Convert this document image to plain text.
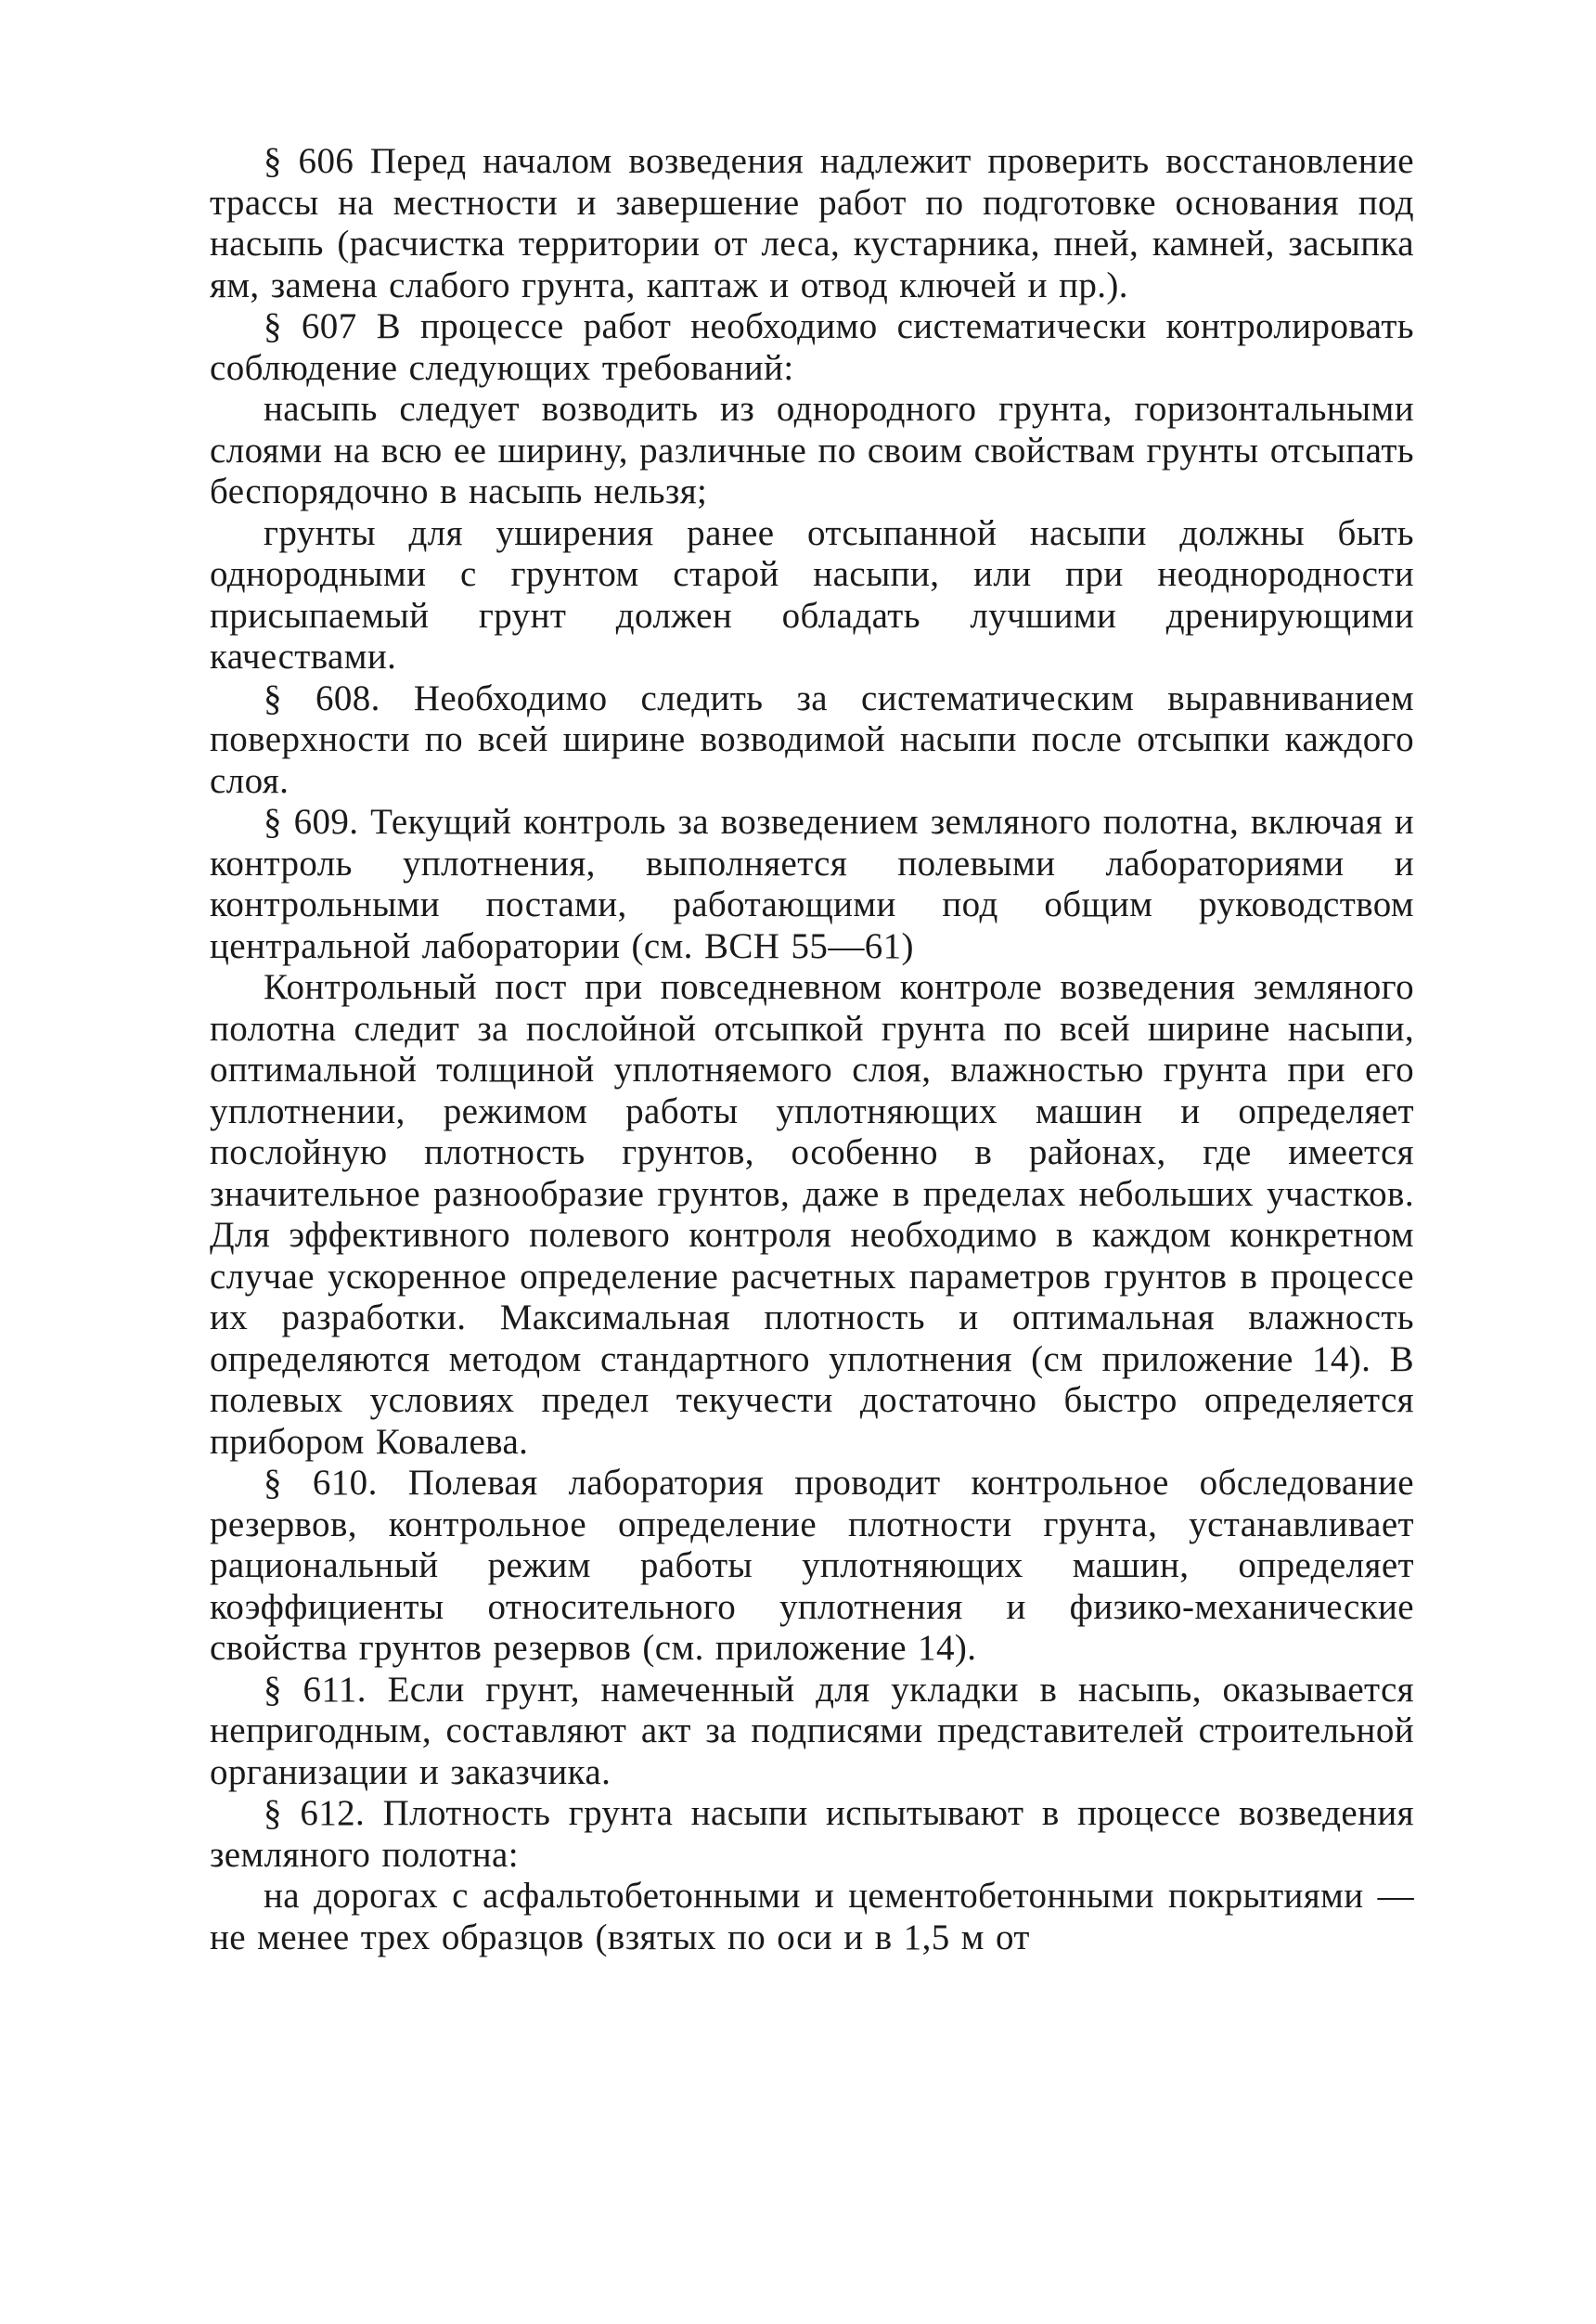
§ 606 Перед началом возведения надлежит проверить восстановление трассы на местности и завершение работ по подготовке основания под насыпь (расчистка территории от леса, кустарника, пней, камней, засыпка ям, замена слабого грунта, каптаж и отвод ключей и пр.).

§ 607 В процессе работ необходимо систематически контролировать соблюдение следующих требований:

насыпь следует возводить из однородного грунта, горизонтальными слоями на всю ее ширину, различные по своим свойствам грунты отсыпать беспорядочно в насыпь нельзя;

грунты для уширения ранее отсыпанной насыпи должны быть однородными с грунтом старой насыпи, или при неоднородности присыпаемый грунт должен обладать лучшими дренирующими качествами.

§ 608. Необходимо следить за систематическим выравниванием поверхности по всей ширине возводимой насыпи после отсыпки каждого слоя.

§ 609. Текущий контроль за возведением земляного полотна, включая и контроль уплотнения, выполняется полевыми лабораториями и контрольными постами, работающими под общим руководством центральной лаборатории (см. ВСН 55—61)

Контрольный пост при повседневном контроле возведения земляного полотна следит за послойной отсыпкой грунта по всей ширине насыпи, оптимальной толщиной уплотняемого слоя, влажностью грунта при его уплотнении, режимом работы уплотняющих машин и определяет послойную плотность грунтов, особенно в районах, где имеется значительное разнообразие грунтов, даже в пределах небольших участков. Для эффективного полевого контроля необходимо в каждом конкретном случае ускоренное определение расчетных параметров грунтов в процессе их разработки. Максимальная плотность и оптимальная влажность определяются методом стандартного уплотнения (см приложение 14). В полевых условиях предел текучести достаточно быстро определяется прибором Ковалева.

§ 610. Полевая лаборатория проводит контрольное обследование резервов, контрольное определение плотности грунта, устанавливает рациональный режим работы уплотняющих машин, определяет коэффициенты относительного уплотнения и физико-механические свойства грунтов резервов (см. приложение 14).

§ 611. Если грунт, намеченный для укладки в насыпь, оказывается непригодным, составляют акт за подписями представителей строительной организации и заказчика.

§ 612. Плотность грунта насыпи испытывают в процессе возведения земляного полотна:

на дорогах с асфальтобетонными и цементобетонными покрытиями — не менее трех образцов (взятых по оси и в 1,5 м от
